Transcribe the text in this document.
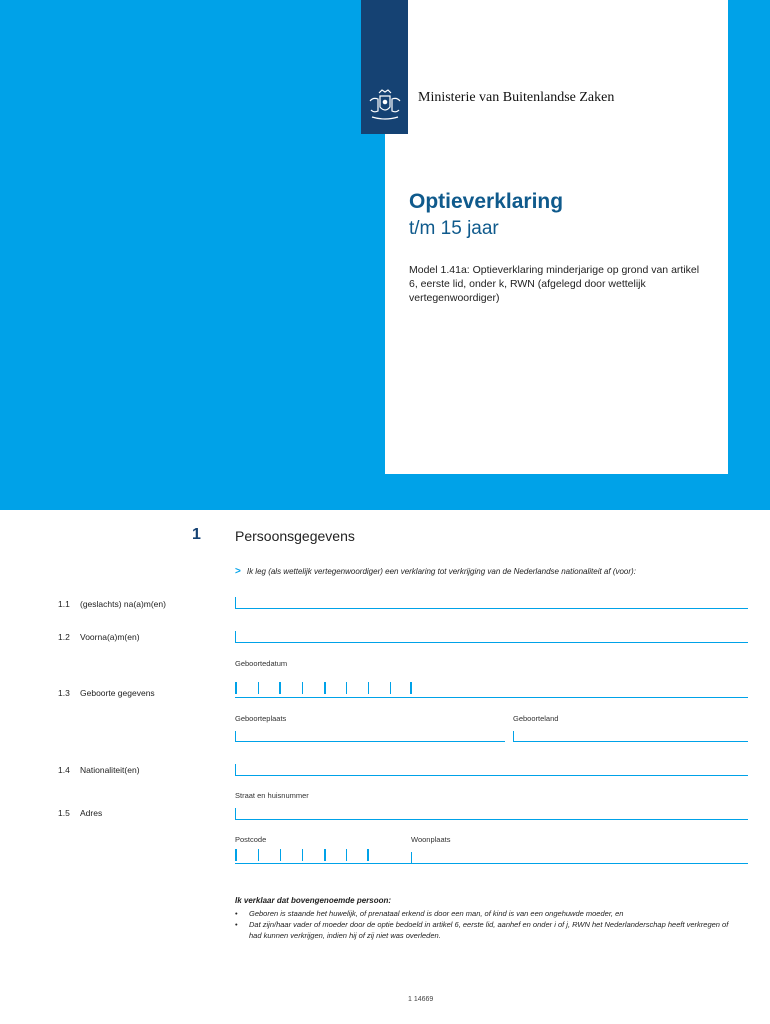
Ministerie van Buitenlandse Zaken
Optieverklaring
t/m 15 jaar
Model 1.41a: Optieverklaring minderjarige op grond van artikel 6, eerste lid, onder k, RWN (afgelegd door wettelijk vertegenwoordiger)
1 Persoonsgegevens
> Ik leg (als wettelijk vertegenwoordiger) een verklaring tot verkrijging van de Nederlandse nationaliteit af (voor):
1.1 (geslachts) na(a)m(en)
1.2 Voorna(a)m(en)
Geboortedatum
1.3 Geboorte gegevens
Geboorteplaats	Geboorteland
1.4 Nationaliteit(en)
Straat en huisnummer
1.5 Adres
Postcode	Woonplaats
Ik verklaar dat bovengenoemde persoon:
• Geboren is staande het huwelijk, of prenataal erkend is door een man, of kind is van een ongehuwde moeder, en
• Dat zijn/haar vader of moeder door de optie bedoeld in artikel 6, eerste lid, aanhef en onder i of j, RWN het Nederlanderschap heeft verkregen of had kunnen verkrijgen, indien hij of zij niet was overleden.
1 14669
